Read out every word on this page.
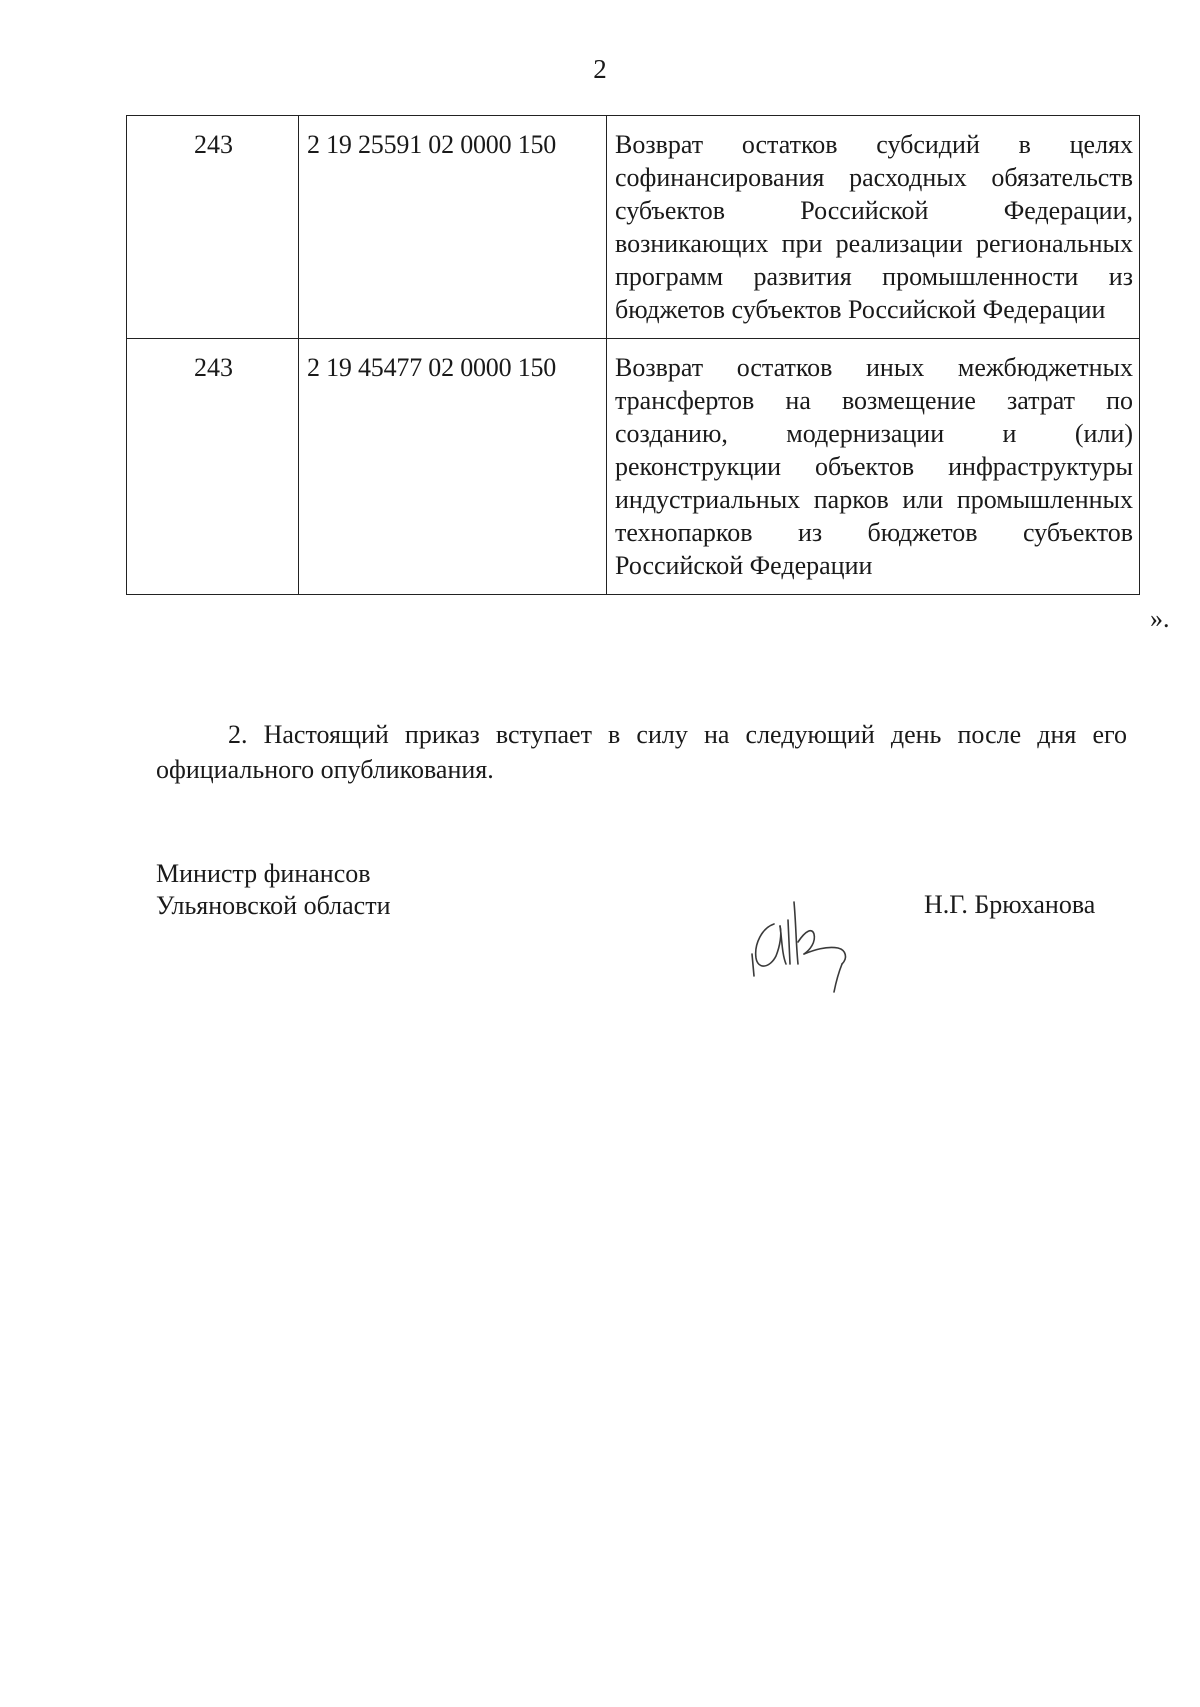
2
243	2 19 25591 02 0000 150	Возврат остатков субсидий в целях софинансирования расходных обязательств субъектов Российской Федерации, возникающих при реализации региональных программ развития промышленности из бюджетов субъектов Российской Федерации
243	2 19 45477 02 0000 150	Возврат остатков иных межбюджетных трансфертов на возмещение затрат по созданию, модернизации и (или) реконструкции объектов инфраструктуры индустриальных парков или промышленных технопарков из бюджетов субъектов Российской Федерации
».

2. Настоящий приказ вступает в силу на следующий день после дня его официального опубликования.

Министр финансов
Ульяновской области	Н.Г. Брюханова
